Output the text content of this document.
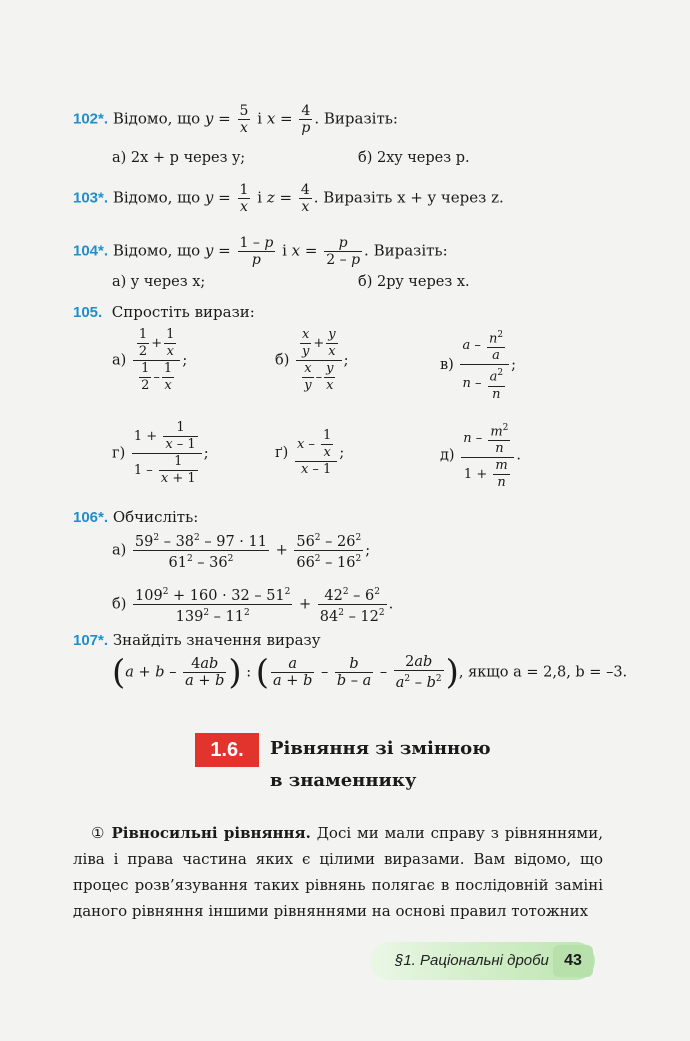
102*. Відомо, що $y = \frac{5}{x}$ і $x = \frac{4}{p}$ . Виразіть:
а) 2x + p через y;	б) 2xy через p.
103*. Відомо, що $y = \frac{1}{x}$ і $z = \frac{4}{x}$ . Виразіть x + y через z.
104*. Відомо, що $y = \frac{1 - p}{p}$ і $x = \frac{p}{2 - p}$ . Виразіть:
а) y через x;	б) 2py через x.
105. Спростіть вирази:
$а) \frac{\frac{1}{2} + \frac{1}{x}}{\frac{1}{2} - \frac{1}{x}}$ ;	$б) \frac{\frac{x}{y} + \frac{y}{x}}{\frac{x}{y} - \frac{y}{x}}$ ;	$в) \frac{a - \frac{n^2}{a}}{n - \frac{a^2}{n}}$ ;
$г) \frac{1 + \frac{1}{x - 1}}{1 - \frac{1}{x + 1}}$ ;	$ґ) \frac{x - \frac{1}{x}}{x - 1}$ ;	$д) \frac{n - \frac{m^2}{n}}{1 + \frac{m}{n}}$ .
106*. Обчисліть:
$а) \frac{59^2 - 38^2 - 97 \cdot 11}{61^2 - 36^2} + \frac{56^2 - 26^2}{66^2 - 16^2}$ ;
$б) \frac{109^2 + 160 \cdot 32 - 51^2}{139^2 - 11^2} + \frac{42^2 - 6^2}{84^2 - 12^2}$ .
107*. Знайдіть значення виразу
($a + b - \frac{4ab}{a + b}$ ) : ( $\frac{a}{a + b} - \frac{b}{b - a} - \frac{2ab}{a^2 - b^2}$ ), якщо a = 2,8, b = –3.
1.6.	Рівняння зі змінною
в знаменнику
① Рівносильні рівняння. Досі ми мали справу з рівняннями, ліва і права частина яких є цілими виразами. Вам відомо, що процес розв’язування таких рівнянь полягає в послідовній заміні даного рівняння іншими рівняннями на основі правил тотожних
§1. Раціональні дроби 43
